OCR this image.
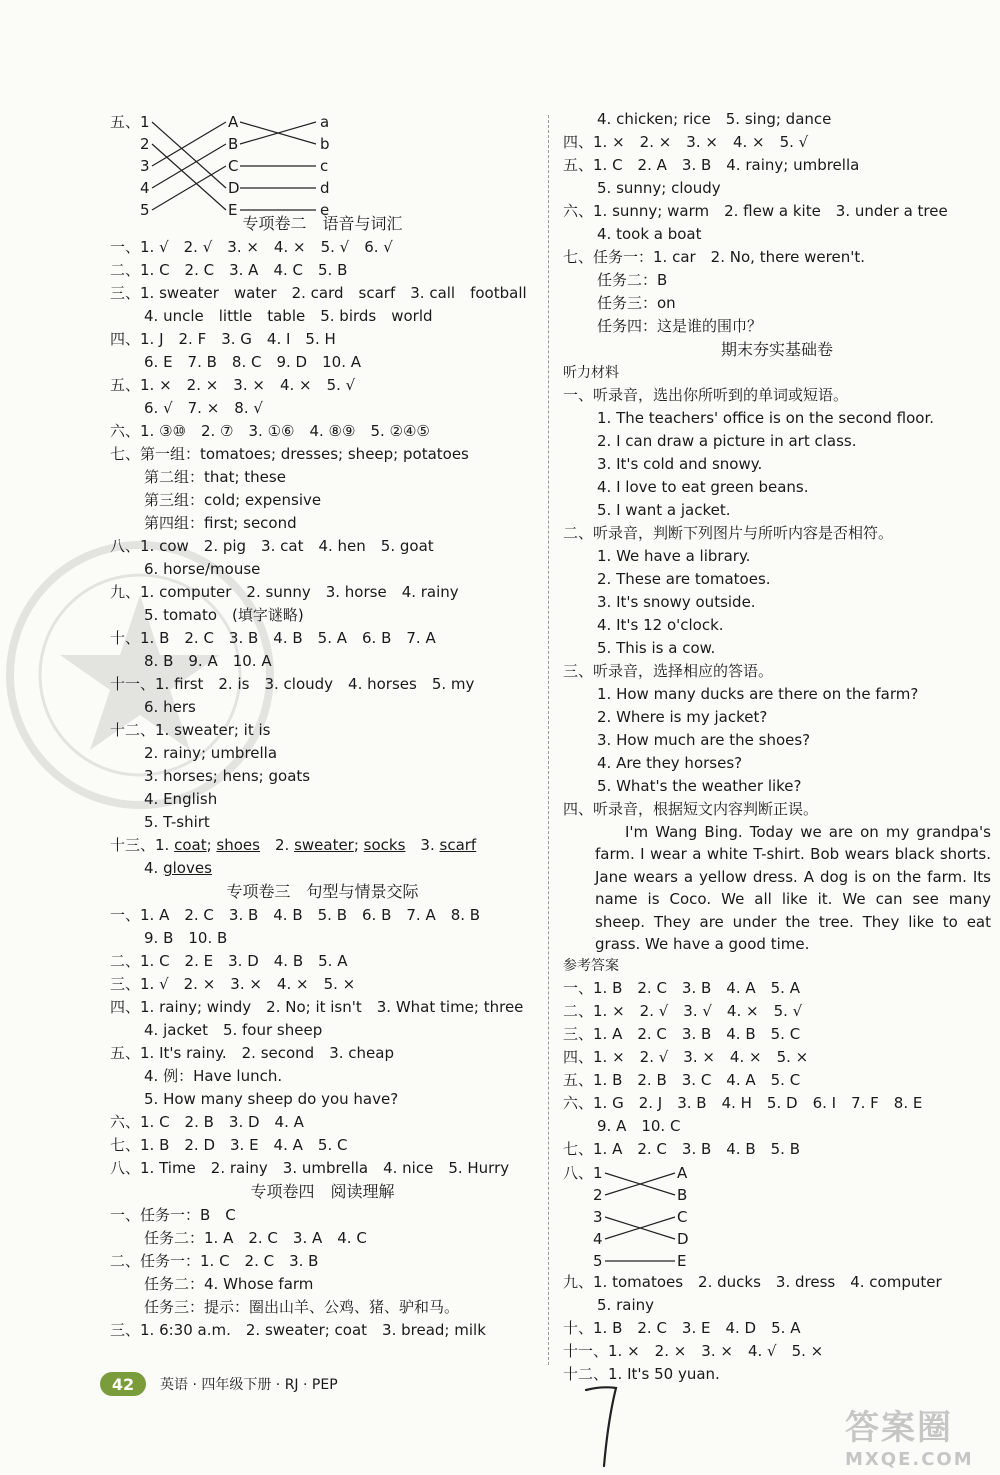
五、 1
2
3
4
5
A
B
C
D
E
a
b
c
d
e
专项卷二　语音与词汇
一、1. √　2. √　3. ×　4. ×　5. √　6. √
二、1. C　2. C　3. A　4. C　5. B
三、1. sweater　water　2. card　scarf　3. call　football
4. uncle　little　table　5. birds　world
四、1. J　2. F　3. G　4. I　5. H
6. E　7. B　8. C　9. D　10. A
五、1. ×　2. ×　3. ×　4. ×　5. √
6. √　7. ×　8. √
六、1. ③⑩　2. ⑦　3. ①⑥　4. ⑧⑨　5. ②④⑤
七、第一组：tomatoes; dresses; sheep; potatoes
第二组：that; these
第三组：cold; expensive
第四组：first; second
八、1. cow　2. pig　3. cat　4. hen　5. goat
6. horse/mouse
九、1. computer　2. sunny　3. horse　4. rainy
5. tomato　(填字谜略)
十、1. B　2. C　3. B　4. B　5. A　6. B　7. A
8. B　9. A　10. A
十一、1. first　2. is　3. cloudy　4. horses　5. my
6. hers
十二、1. sweater; it is
2. rainy; umbrella
3. horses; hens; goats
4. English
5. T-shirt
十三、1. coat; shoes　2. sweater; socks　3. scarf
4. gloves
专项卷三　句型与情景交际
一、1. A　2. C　3. B　4. B　5. B　6. B　7. A　8. B
9. B　10. B
二、1. C　2. E　3. D　4. B　5. A
三、1. √　2. ×　3. ×　4. ×　5. ×
四、1. rainy; windy　2. No; it isn't　3. What time; three
4. jacket　5. four sheep
五、1. It's rainy.　2. second　3. cheap
4. 例：Have lunch.
5. How many sheep do you have?
六、1. C　2. B　3. D　4. A
七、1. B　2. D　3. E　4. A　5. C
八、1. Time　2. rainy　3. umbrella　4. nice　5. Hurry
专项卷四　阅读理解
一、任务一：B　C
任务二：1. A　2. C　3. A　4. C
二、任务一：1. C　2. C　3. B
任务二：4. Whose farm
任务三：提示：圈出山羊、公鸡、猪、驴和马。
三、1. 6:30 a.m.　2. sweater; coat　3. bread; milk
4. chicken; rice　5. sing; dance
四、1. ×　2. ×　3. ×　4. ×　5. √
五、1. C　2. A　3. B　4. rainy; umbrella
5. sunny; cloudy
六、1. sunny; warm　2. flew a kite　3. under a tree
4. took a boat
七、任务一：1. car　2. No, there weren't.
任务二：B
任务三：on
任务四：这是谁的围巾？
期末夯实基础卷
听力材料
一、听录音，选出你所听到的单词或短语。
1. The teachers' office is on the second floor.
2. I can draw a picture in art class.
3. It's cold and snowy.
4. I love to eat green beans.
5. I want a jacket.
二、听录音，判断下列图片与所听内容是否相符。
1. We have a library.
2. These are tomatoes.
3. It's snowy outside.
4. It's 12 o'clock.
5. This is a cow.
三、听录音，选择相应的答语。
1. How many ducks are there on the farm?
2. Where is my jacket?
3. How much are the shoes?
4. Are they horses?
5. What's the weather like?
四、听录音，根据短文内容判断正误。
I'm Wang Bing. Today we are on my grandpa's farm. I wear a white T-shirt. Bob wears black shorts. Jane wears a yellow dress. A dog is on the farm. Its name is Coco. We all like it. We can see many sheep. They are under the tree. They like to eat grass. We have a good time.
参考答案
一、1. B　2. C　3. B　4. A　5. A
二、1. ×　2. √　3. √　4. ×　5. √
三、1. A　2. C　3. B　4. B　5. C
四、1. ×　2. √　3. ×　4. ×　5. ×
五、1. B　2. B　3. C　4. A　5. C
六、1. G　2. J　3. B　4. H　5. D　6. I　7. F　8. E
9. A　10. C
七、1. A　2. C　3. B　4. B　5. B
八、 1
2
3
4
5
A
B
C
D
E
九、1. tomatoes　2. ducks　3. dress　4. computer
5. rainy
十、1. B　2. C　3. E　4. D　5. A
十一、1. ×　2. ×　3. ×　4. √　5. ×
十二、1. It's 50 yuan.
42	英语 · 四年级下册 · RJ · PEP
答案圈
MXQE.COM
